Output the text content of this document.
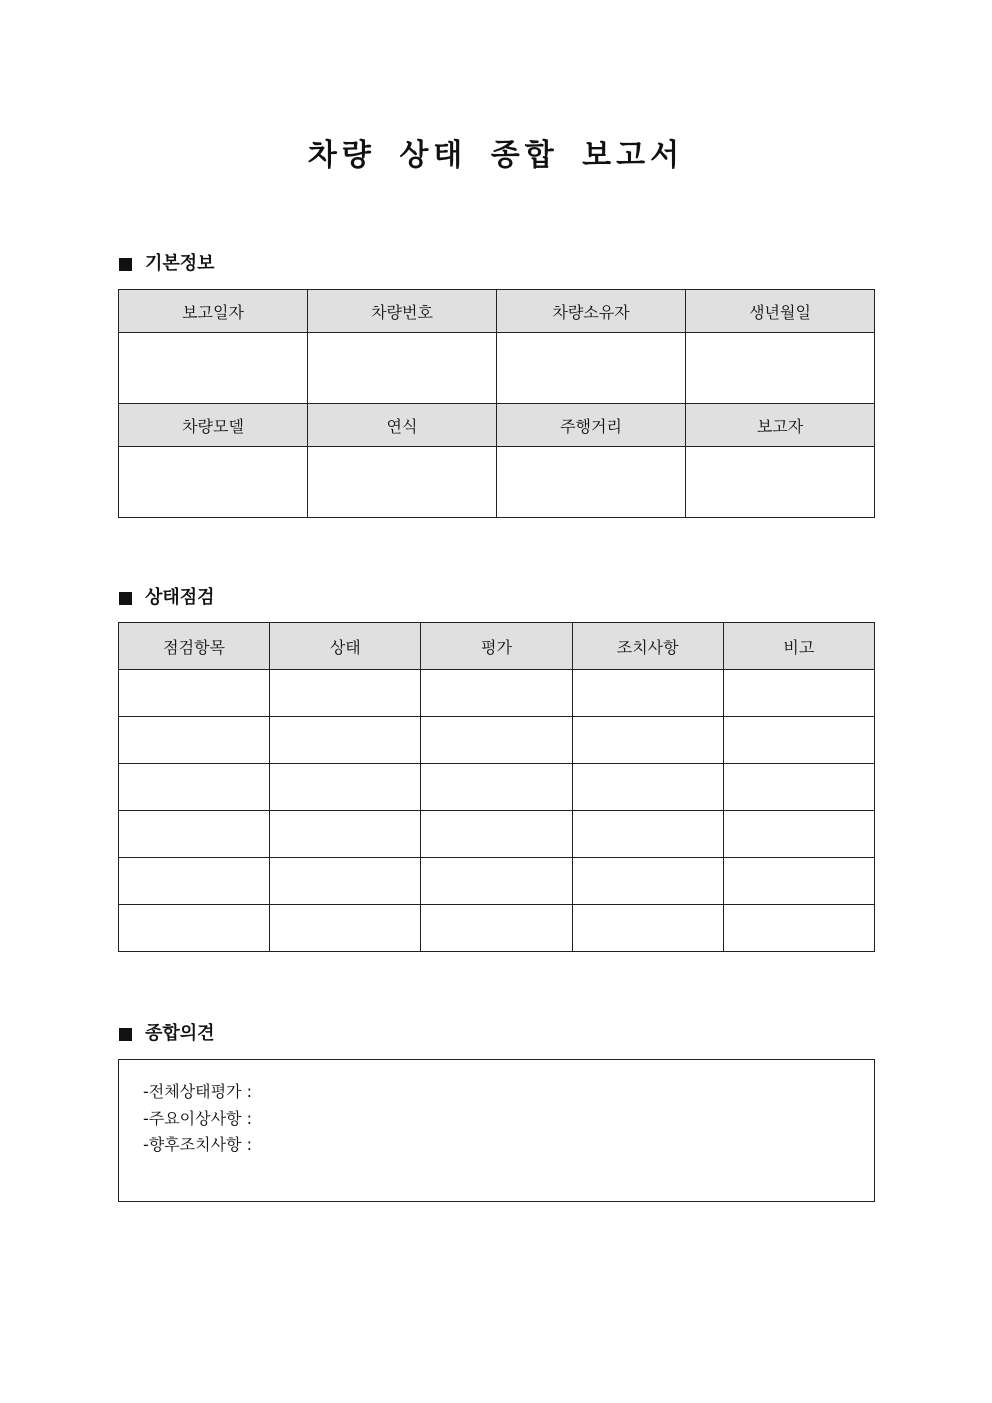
차량 상태 종합 보고서
기본정보
보고일자	차량번호	차량소유자	생년월일

차량모델	연식	주행거리	보고자

상태점검
점검항목	상태	평가	조치사항	비고

종합의견
-전체상태평가 :
-주요이상사항 :
-향후조치사항 :
